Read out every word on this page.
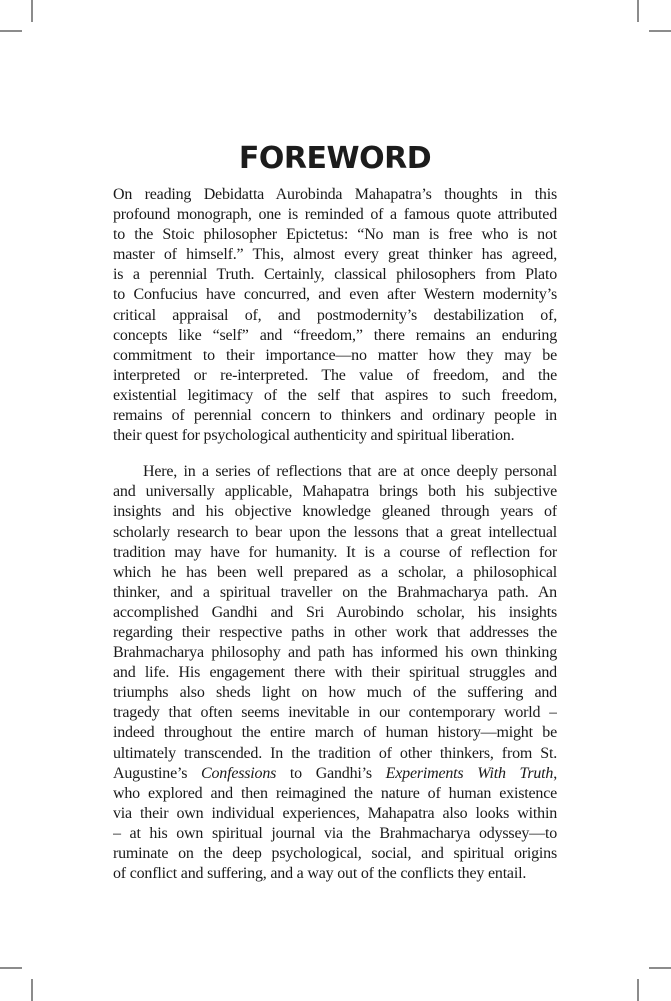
FOREWORD
On reading Debidatta Aurobinda Mahapatra’s thoughts in this
profound monograph, one is reminded of a famous quote attributed
to the Stoic philosopher Epictetus: “No man is free who is not
master of himself.” This, almost every great thinker has agreed,
is a perennial Truth. Certainly, classical philosophers from Plato
to Confucius have concurred, and even after Western modernity’s
critical appraisal of, and postmodernity’s destabilization of,
concepts like “self” and “freedom,” there remains an enduring
commitment to their importance—no matter how they may be
interpreted or re-interpreted. The value of freedom, and the
existential legitimacy of the self that aspires to such freedom,
remains of perennial concern to thinkers and ordinary people in
their quest for psychological authenticity and spiritual liberation.
Here, in a series of reflections that are at once deeply personal
and universally applicable, Mahapatra brings both his subjective
insights and his objective knowledge gleaned through years of
scholarly research to bear upon the lessons that a great intellectual
tradition may have for humanity. It is a course of reflection for
which he has been well prepared as a scholar, a philosophical
thinker, and a spiritual traveller on the Brahmacharya path. An
accomplished Gandhi and Sri Aurobindo scholar, his insights
regarding their respective paths in other work that addresses the
Brahmacharya philosophy and path has informed his own thinking
and life. His engagement there with their spiritual struggles and
triumphs also sheds light on how much of the suffering and
tragedy that often seems inevitable in our contemporary world –
indeed throughout the entire march of human history—might be
ultimately transcended. In the tradition of other thinkers, from St.
Augustine’s Confessions to Gandhi’s Experiments With Truth,
who explored and then reimagined the nature of human existence
via their own individual experiences, Mahapatra also looks within
– at his own spiritual journal via the Brahmacharya odyssey—to
ruminate on the deep psychological, social, and spiritual origins
of conflict and suffering, and a way out of the conflicts they entail.
